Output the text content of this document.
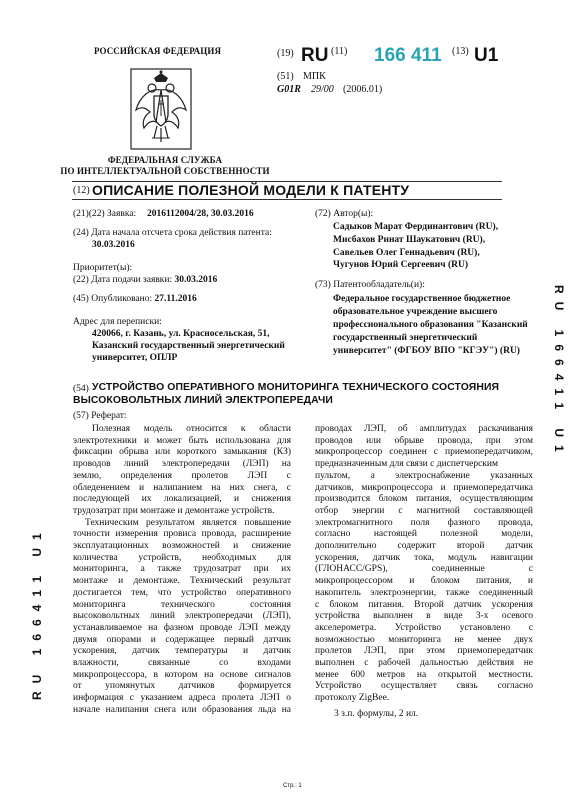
РОССИЙСКАЯ ФЕДЕРАЦИЯ
ФЕДЕРАЛЬНАЯ СЛУЖБА
ПО ИНТЕЛЛЕКТУАЛЬНОЙ СОБСТВЕННОСТИ
(19) RU (11) 166 411 (13) U1
(51) МПК
G01R 29/00 (2006.01)
(12) ОПИСАНИЕ ПОЛЕЗНОЙ МОДЕЛИ К ПАТЕНТУ
(21)(22) Заявка: 2016112004/28, 30.03.2016
(24) Дата начала отсчета срока действия патента:
30.03.2016
Приоритет(ы):
(22) Дата подачи заявки: 30.03.2016
(45) Опубликовано: 27.11.2016
Адрес для переписки:
420066, г. Казань, ул. Красносельская, 51,
Казанский государственный энергетический
университет, ОПЛР
(72) Автор(ы):
Садыков Марат Фердинантович (RU),
Мисбахов Ринат Шаукатович (RU),
Савельев Олег Геннадьевич (RU),
Чугунов Юрий Сергеевич (RU)
(73) Патентообладатель(и):
Федеральное государственное бюджетное
образовательное учреждение высшего
профессионального образования "Казанский
государственный энергетический
университет" (ФГБОУ ВПО "КГЭУ") (RU)
(54) УСТРОЙСТВО ОПЕРАТИВНОГО МОНИТОРИНГА ТЕХНИЧЕСКОГО СОСТОЯНИЯ
ВЫСОКОВОЛЬТНЫХ ЛИНИЙ ЭЛЕКТРОПЕРЕДАЧИ
(57) Реферат:
Полезная модель относится к области
электротехники и может быть использована для
фиксации обрыва или короткого замыкания (КЗ)
проводов линий электропередачи (ЛЭП) на
землю, определения пролетов ЛЭП с
обледенением и налипанием на них снега, с
последующей их локализацией, и снижения
трудозатрат при монтаже и демонтаже устройств.
Техническим результатом является повышение
точности измерения провиса провода, расширение
эксплуатационных возможностей и снижение
количества устройств, необходимых для
мониторинга, а также трудозатрат при их
монтаже и демонтаже. Технический результат
достигается тем, что устройство оперативного
мониторинга технического состояния
высоковольтных линий электропередачи (ЛЭП),
устанавливаемое на фазном проводе ЛЭП между
двумя опорами и содержащее первый датчик
ускорения, датчик температуры и датчик
влажности, связанные со входами
микропроцессора, в котором на основе сигналов
от упомянутых датчиков формируется
информация с указанием адреса пролета ЛЭП о
начале налипания снега или образования льда на
проводах ЛЭП, об амплитудах раскачивания
проводов или обрыве провода, при этом
микропроцессор соединен с приемопередатчиком,
предназначенным для связи с диспетчерским
пультом, а электроснабжение указанных
датчиков, микропроцессора и приемопередатчика
производится блоком питания, осуществляющим
отбор энергии с магнитной составляющей
электромагнитного поля фазного провода,
согласно настоящей полезной модели,
дополнительно содержит второй датчик
ускорения, датчик тока, модуль навигации
(ГЛОНАСС/GPS), соединенные с
микропроцессором и блоком питания, и
накопитель электроэнергии, также соединенный
с блоком питания. Второй датчик ускорения
устройства выполнен в виде 3-х осевого
акселерометра. Устройство установлено с
возможностью мониторинга не менее двух
пролетов ЛЭП, при этом приемопередатчик
выполнен с рабочей дальностью действия не
менее 600 метров на открытой местности.
Устройство осуществляет связь согласно
протоколу ZigBee.
3 з.п. формулы, 2 ил.
RU 166411 U1
RU 166411 U1
Стр.: 1
